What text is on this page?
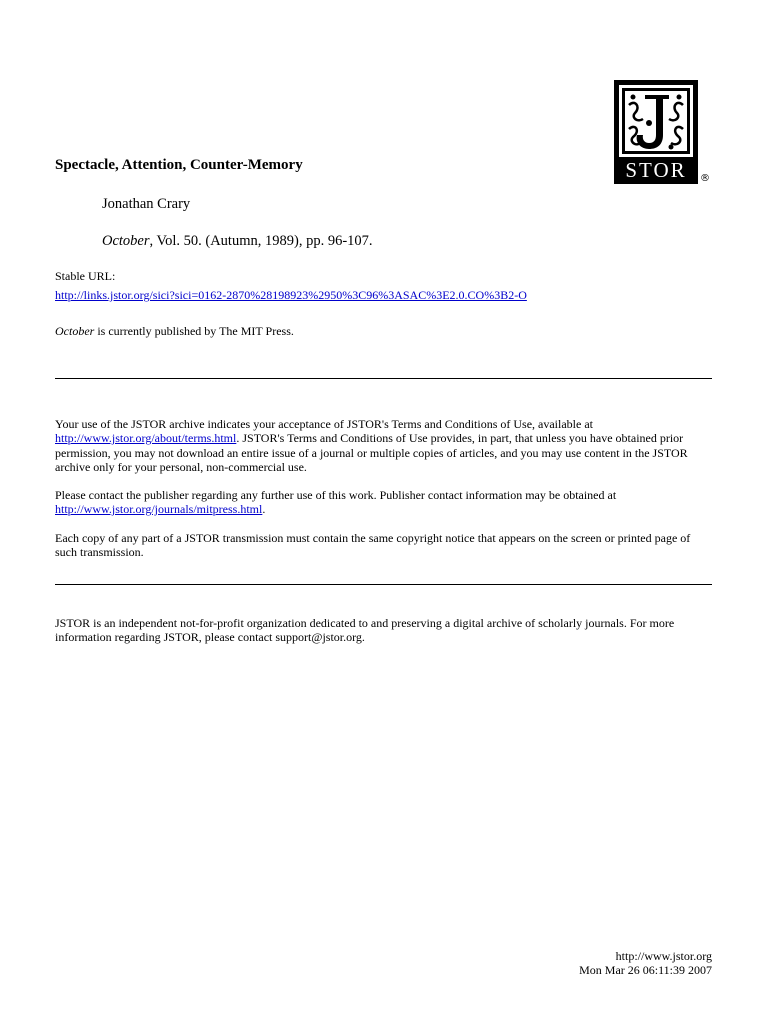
STOR	®
Spectacle, Attention, Counter-Memory
Jonathan Crary
October, Vol. 50. (Autumn, 1989), pp. 96-107.
Stable URL:
http://links.jstor.org/sici?sici=0162-2870%28198923%2950%3C96%3ASAC%3E2.0.CO%3B2-O
October is currently published by The MIT Press.
Your use of the JSTOR archive indicates your acceptance of JSTOR's Terms and Conditions of Use, available at
http://www.jstor.org/about/terms.html. JSTOR's Terms and Conditions of Use provides, in part, that unless you have obtained prior permission, you may not download an entire issue of a journal or multiple copies of articles, and you may use content in the JSTOR archive only for your personal, non-commercial use.
Please contact the publisher regarding any further use of this work. Publisher contact information may be obtained at
http://www.jstor.org/journals/mitpress.html.
Each copy of any part of a JSTOR transmission must contain the same copyright notice that appears on the screen or printed page of such transmission.
JSTOR is an independent not-for-profit organization dedicated to and preserving a digital archive of scholarly journals. For more information regarding JSTOR, please contact support@jstor.org.
http://www.jstor.org
Mon Mar 26 06:11:39 2007
